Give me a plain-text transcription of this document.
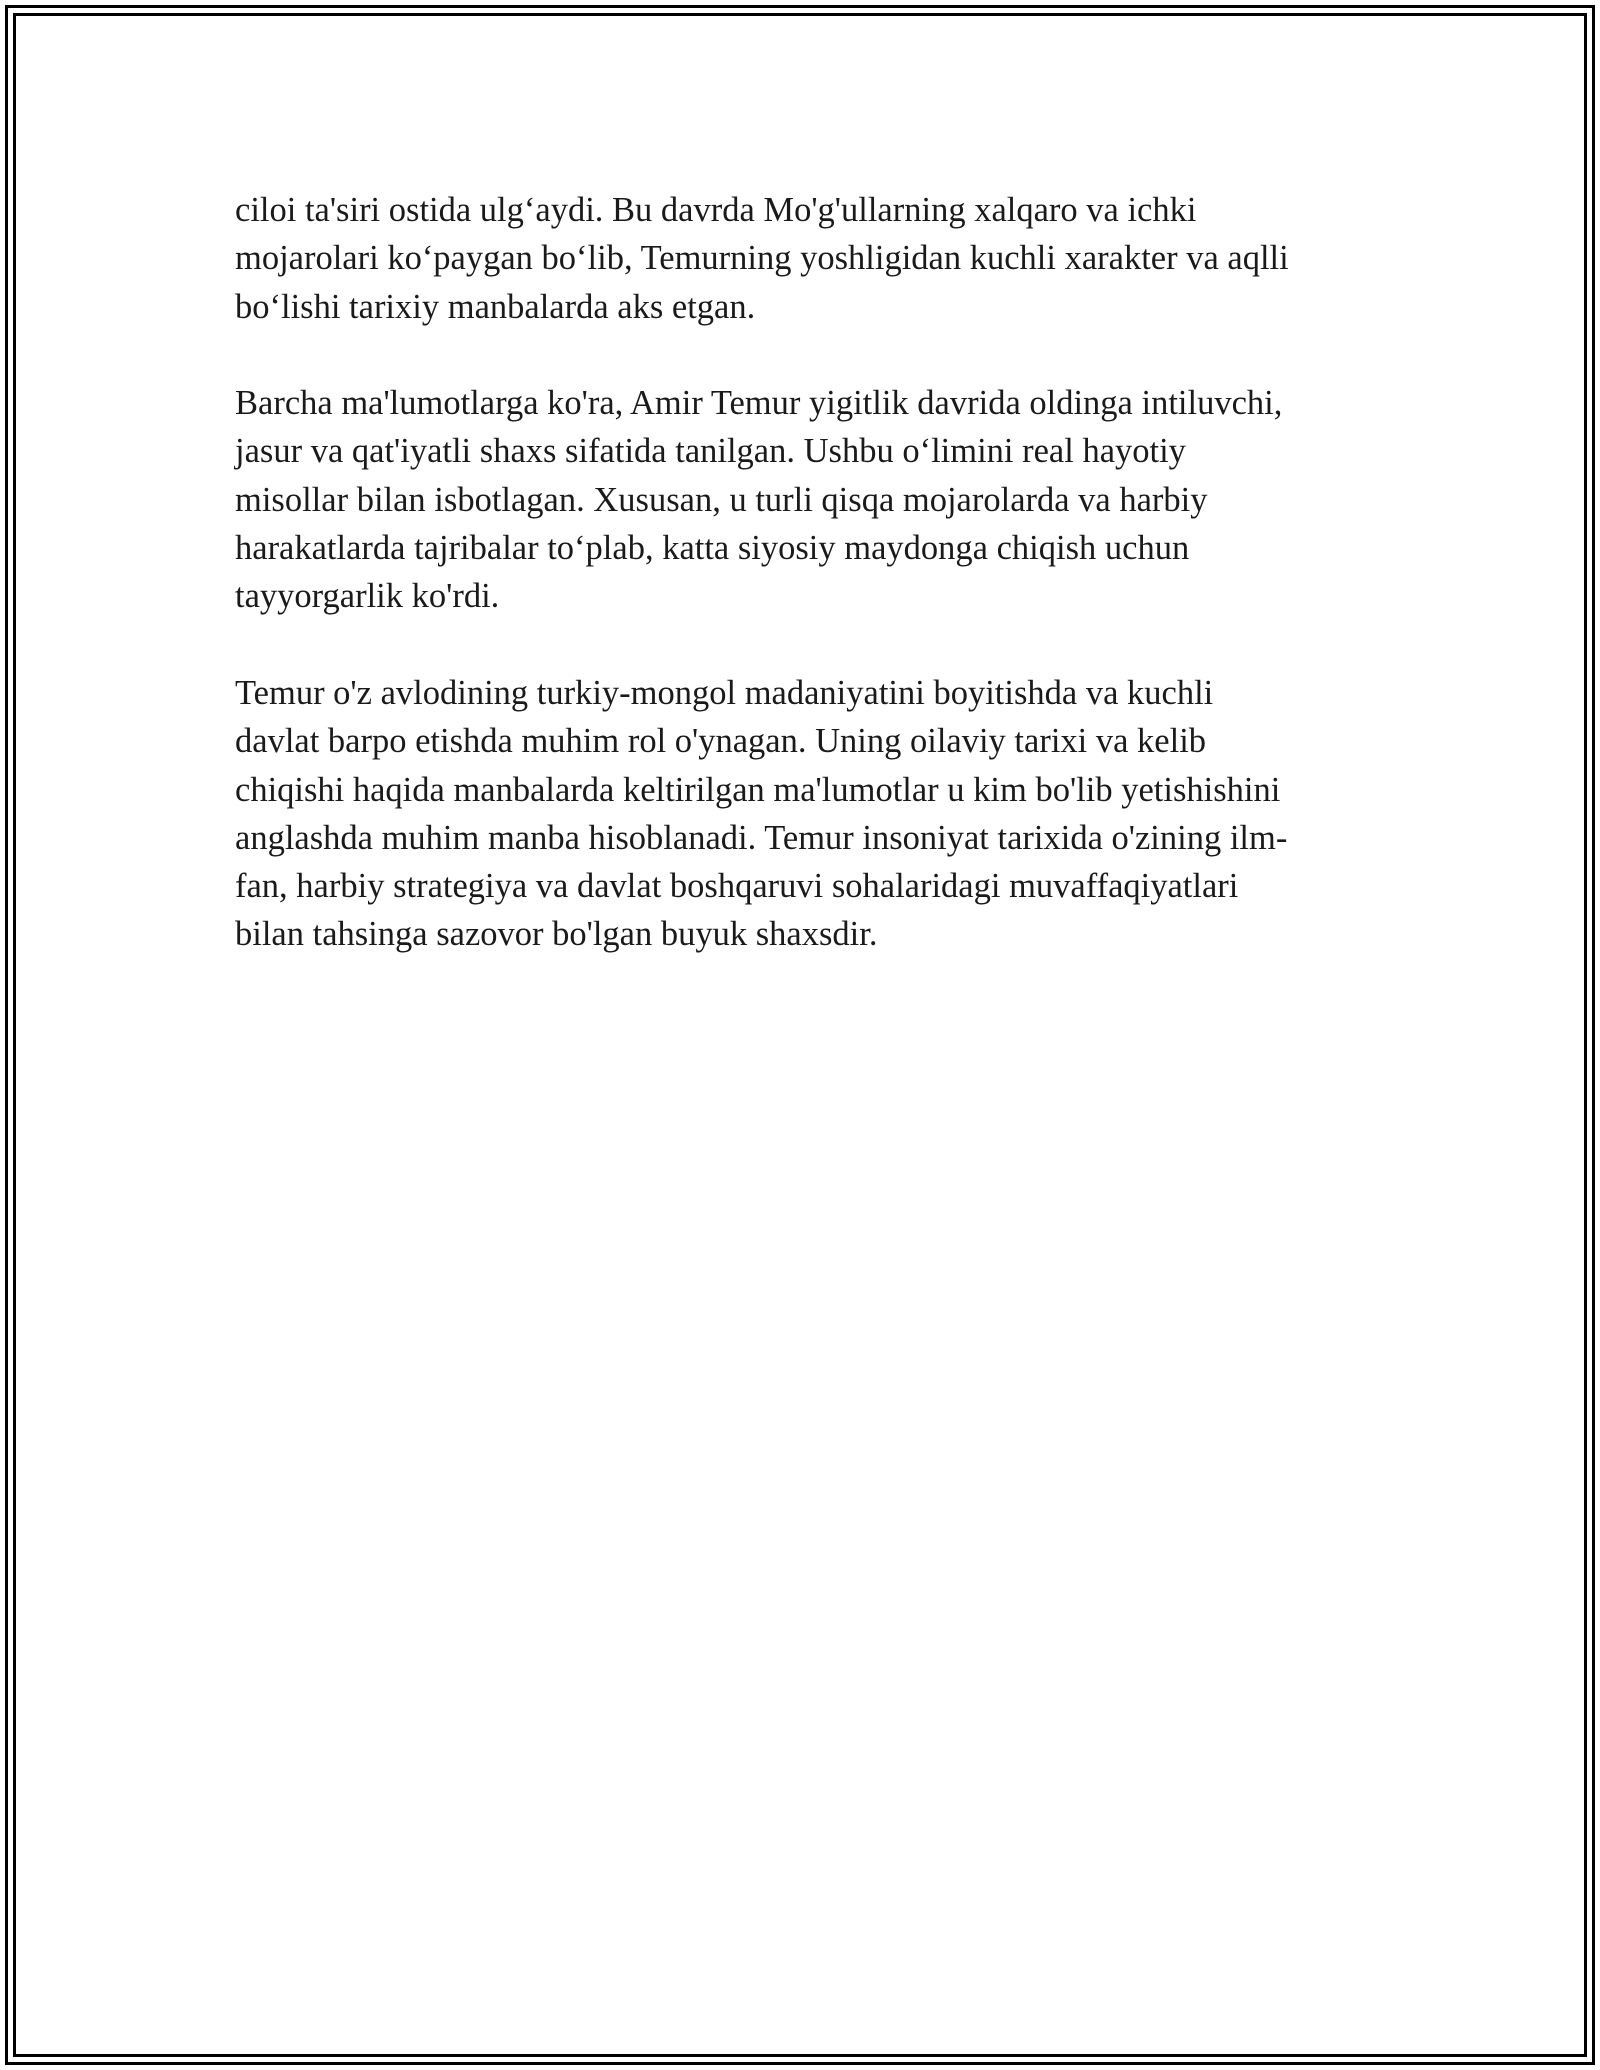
ciloi ta'siri ostida ulg‘aydi. Bu davrda Mo'g'ullarning xalqaro va ichki
mojarolari ko‘paygan bo‘lib, Temurning yoshligidan kuchli xarakter va aqlli
bo‘lishi tarixiy manbalarda aks etgan.

Barcha ma'lumotlarga ko'ra, Amir Temur yigitlik davrida oldinga intiluvchi,
jasur va qat'iyatli shaxs sifatida tanilgan. Ushbu o‘limini real hayotiy
misollar bilan isbotlagan. Xususan, u turli qisqa mojarolarda va harbiy
harakatlarda tajribalar to‘plab, katta siyosiy maydonga chiqish uchun
tayyorgarlik ko'rdi.

Temur o'z avlodining turkiy-mongol madaniyatini boyitishda va kuchli
davlat barpo etishda muhim rol o'ynagan. Uning oilaviy tarixi va kelib
chiqishi haqida manbalarda keltirilgan ma'lumotlar u kim bo'lib yetishishini
anglashda muhim manba hisoblanadi. Temur insoniyat tarixida o'zining ilm-
fan, harbiy strategiya va davlat boshqaruvi sohalaridagi muvaffaqiyatlari
bilan tahsinga sazovor bo'lgan buyuk shaxsdir.
